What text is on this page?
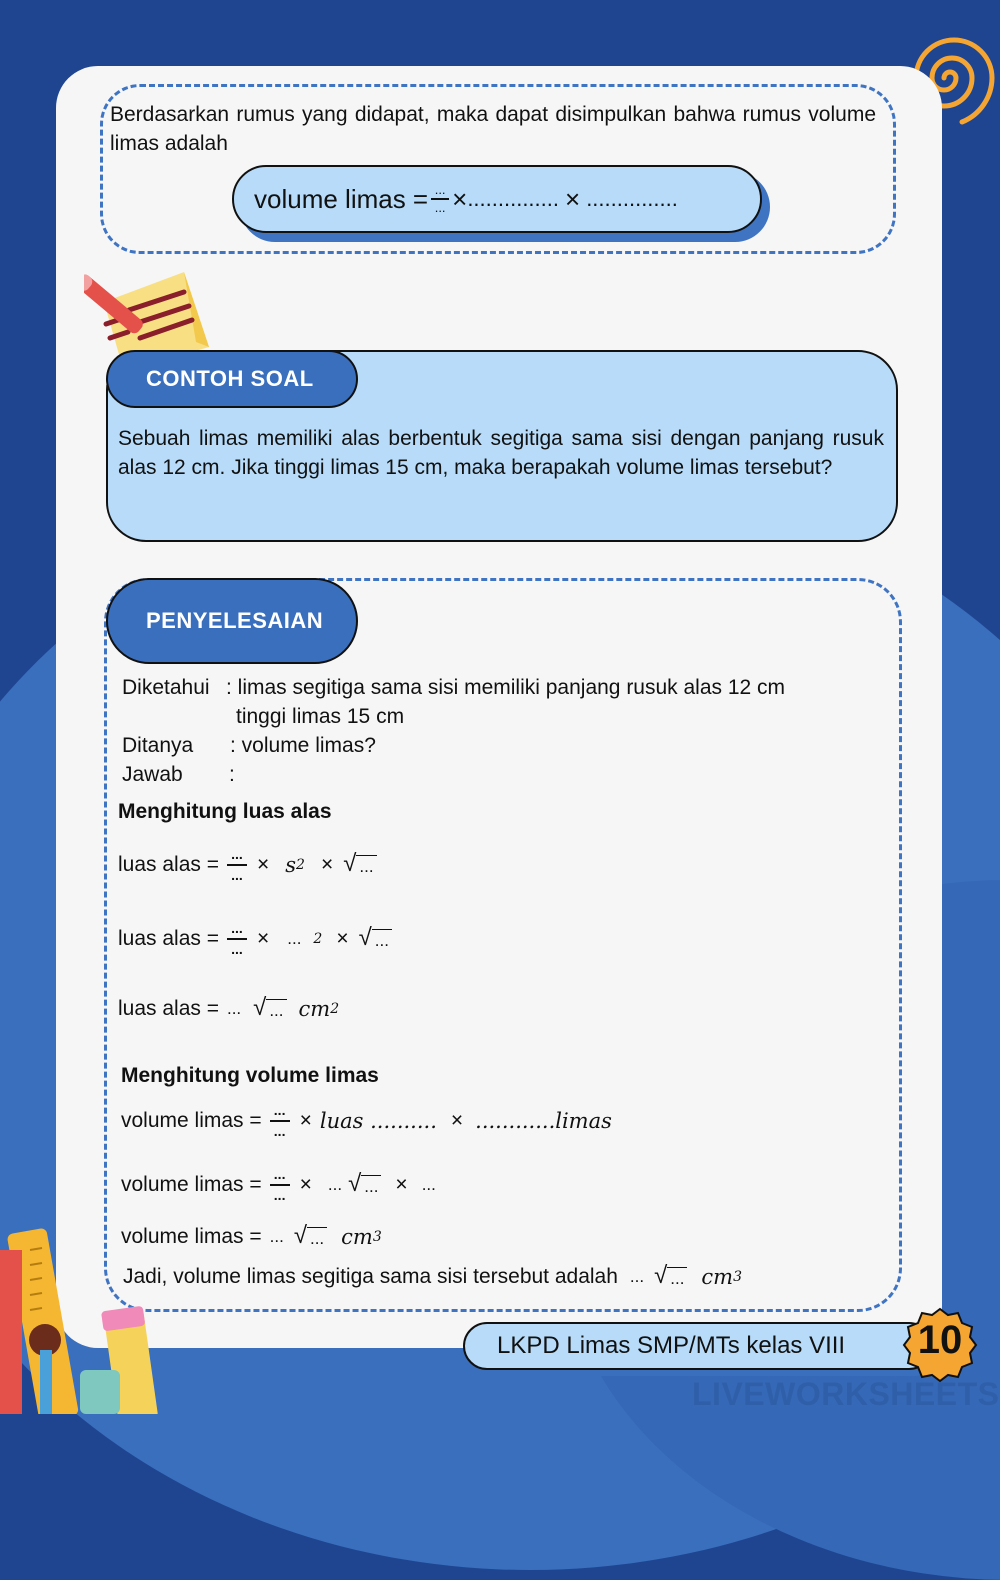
Berdasarkan rumus yang didapat, maka dapat disimpulkan bahwa rumus volume limas adalah
volume limas = $\frac{...}{...}$ × ............... × ...............
CONTOH SOAL
Sebuah limas memiliki alas berbentuk segitiga sama sisi dengan panjang rusuk alas 12 cm. Jika tinggi limas 15 cm, maka berapakah volume limas tersebut?
PENYELESAIAN
Diketahui : limas segitiga sama sisi memiliki panjang rusuk alas 12 cm
tinggi limas 15 cm
Ditanya : volume limas?
Jawab :
Menghitung luas alas
luas alas = ...
... × s 2 × √ ...
luas alas = ...
... × ... 2 × √ ...
luas alas = ... √ ... cm 2
Menghitung volume limas
volume limas = ...
... × luas .......... × ............limas
volume limas = ...
... × ... √ ... × ...
volume limas = ... √ ... cm 3
Jadi, volume limas segitiga sama sisi tersebut adalah ... √ ... cm 3
LKPD Limas SMP/MTs kelas VIII	10
LIVEWORKSHEETS
